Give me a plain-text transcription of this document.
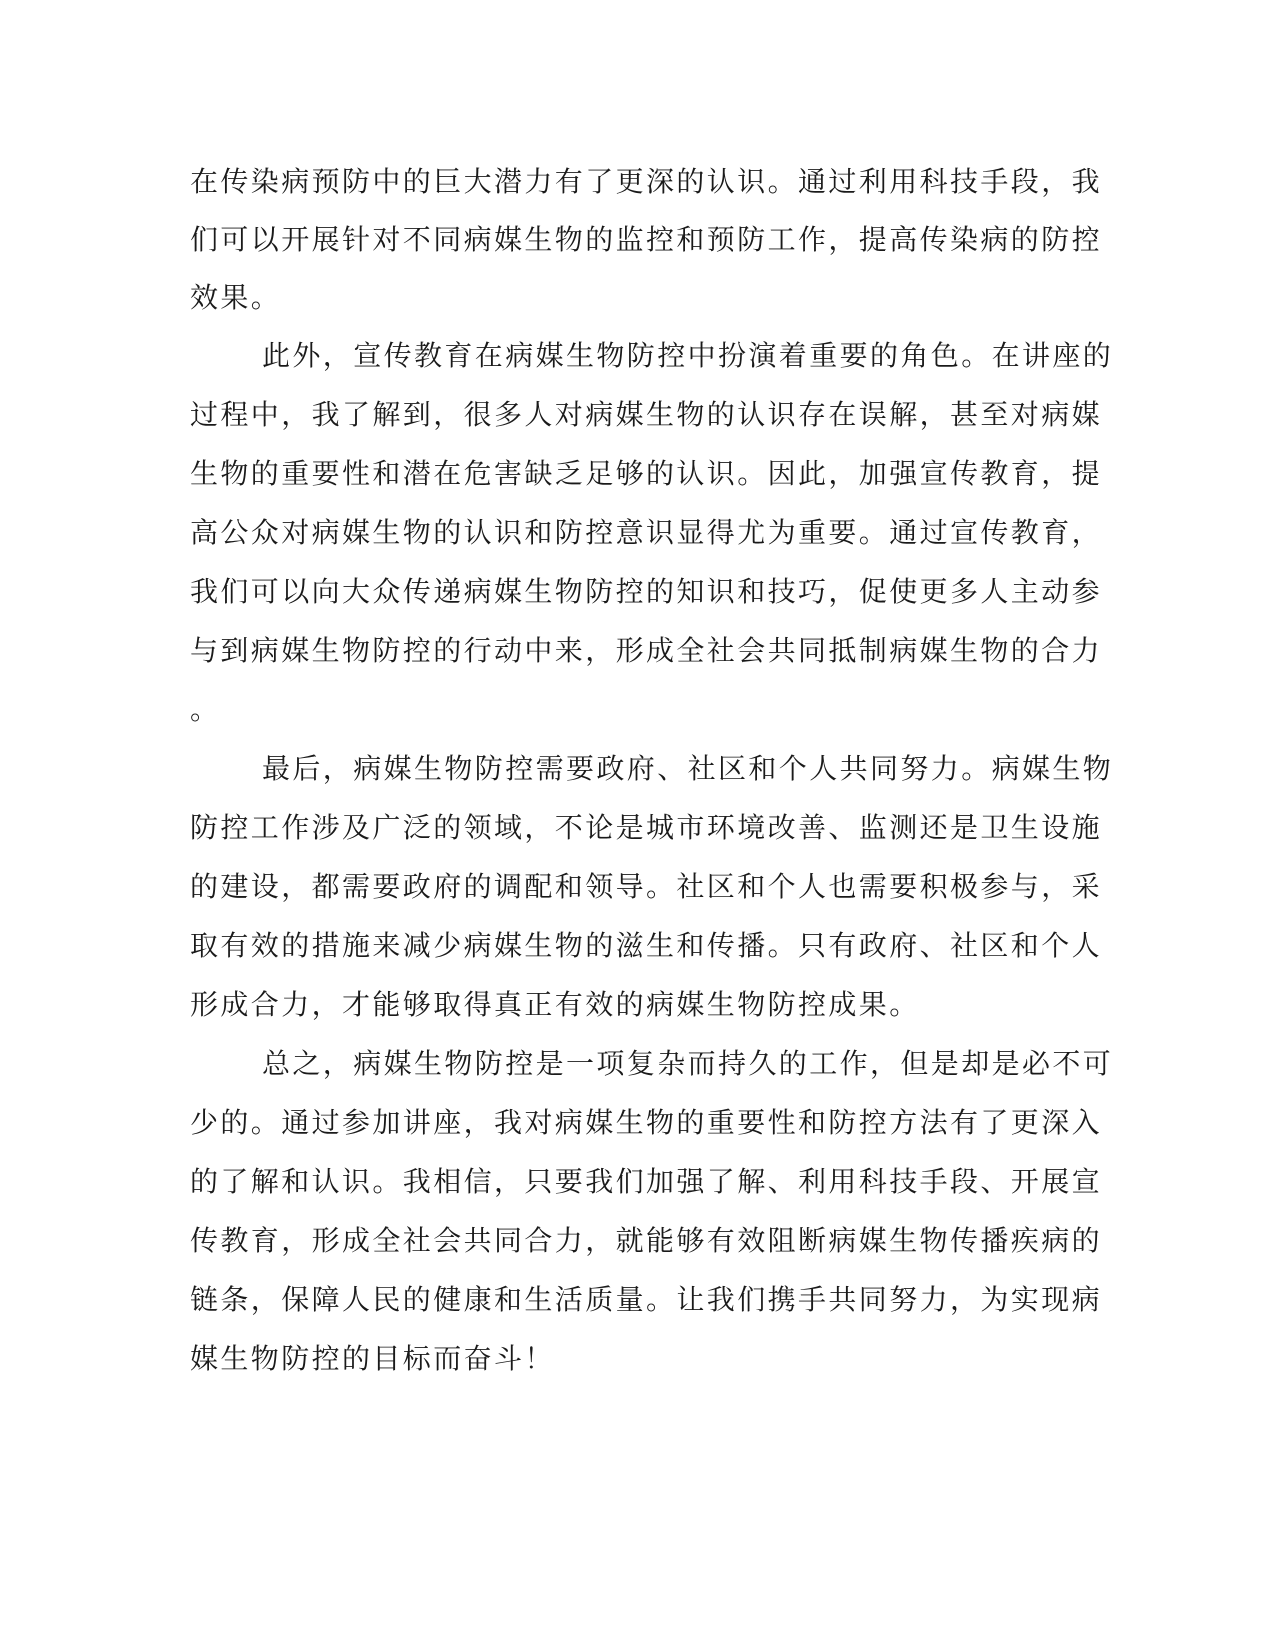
在传染病预防中的巨大潜力有了更深的认识。通过利用科技手段，我

们可以开展针对不同病媒生物的监控和预防工作，提高传染病的防控

效果。

此外，宣传教育在病媒生物防控中扮演着重要的角色。在讲座的

过程中，我了解到，很多人对病媒生物的认识存在误解，甚至对病媒

生物的重要性和潜在危害缺乏足够的认识。因此，加强宣传教育，提

高公众对病媒生物的认识和防控意识显得尤为重要。通过宣传教育，

我们可以向大众传递病媒生物防控的知识和技巧，促使更多人主动参

与到病媒生物防控的行动中来，形成全社会共同抵制病媒生物的合力

。

最后，病媒生物防控需要政府、社区和个人共同努力。病媒生物

防控工作涉及广泛的领域，不论是城市环境改善、监测还是卫生设施

的建设，都需要政府的调配和领导。社区和个人也需要积极参与，采

取有效的措施来减少病媒生物的滋生和传播。只有政府、社区和个人

形成合力，才能够取得真正有效的病媒生物防控成果。

总之，病媒生物防控是一项复杂而持久的工作，但是却是必不可

少的。通过参加讲座，我对病媒生物的重要性和防控方法有了更深入

的了解和认识。我相信，只要我们加强了解、利用科技手段、开展宣

传教育，形成全社会共同合力，就能够有效阻断病媒生物传播疾病的

链条，保障人民的健康和生活质量。让我们携手共同努力，为实现病

媒生物防控的目标而奋斗！
